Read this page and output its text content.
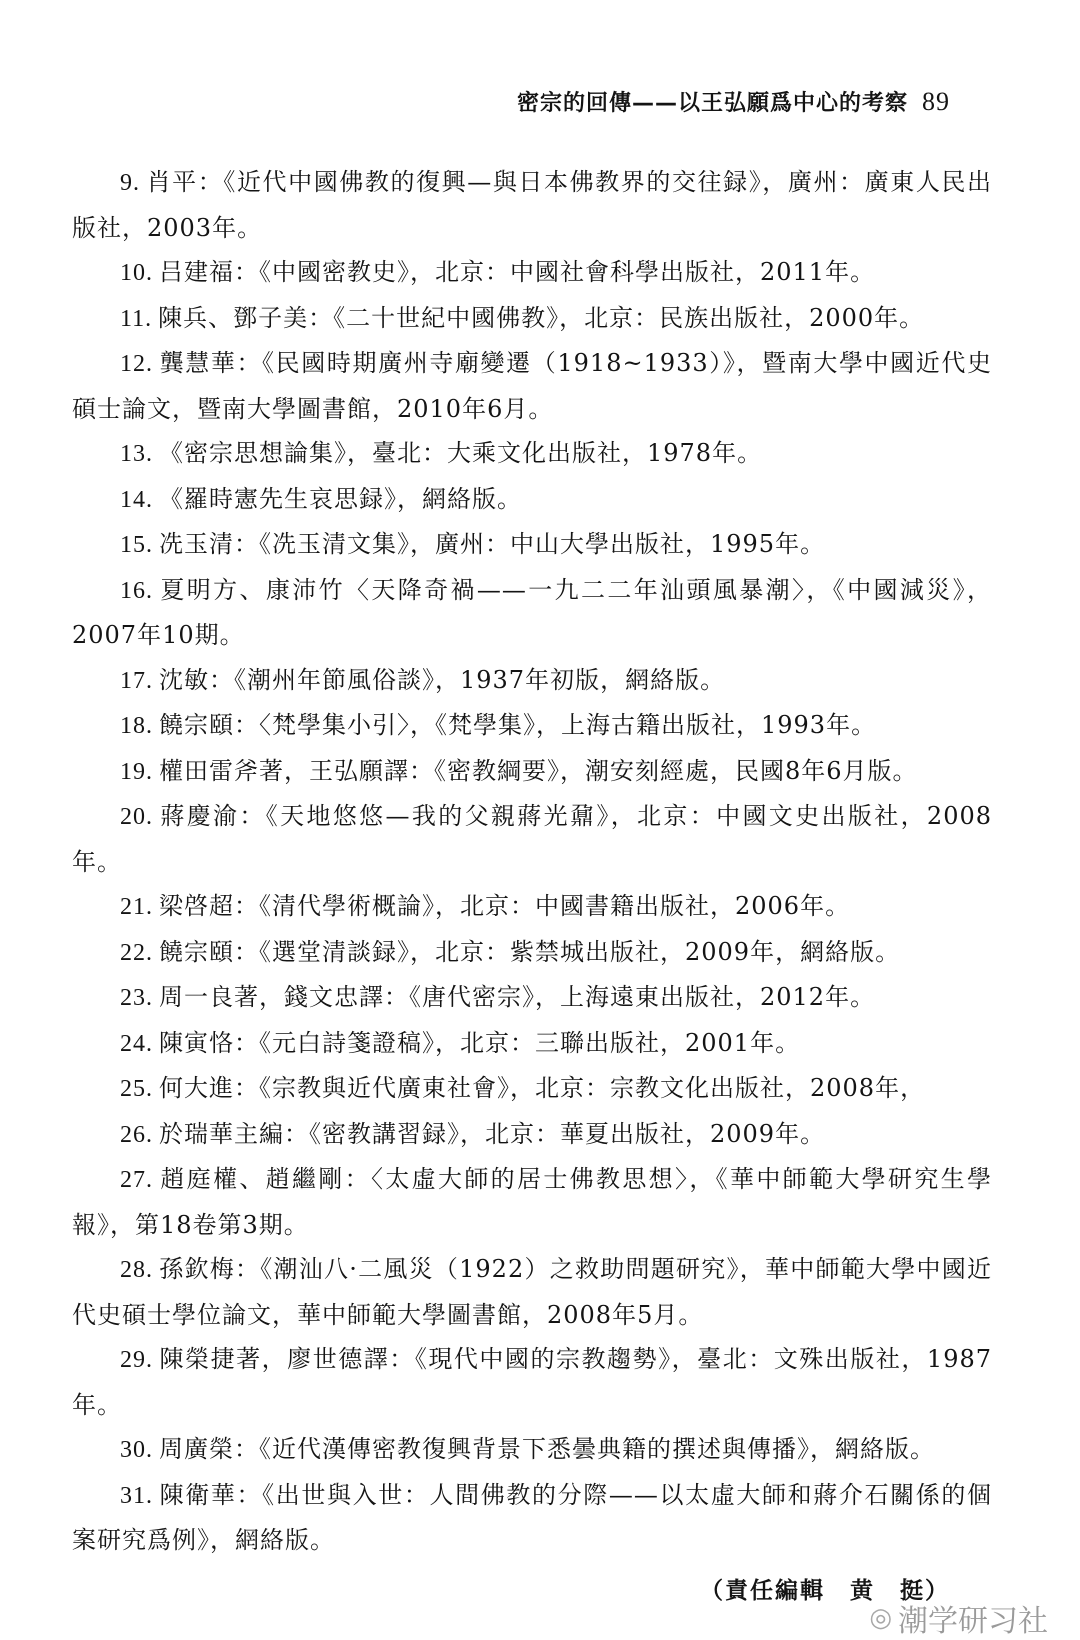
密宗的回傳——以王弘願爲中心的考察 89

9. 肖平：《近代中國佛教的復興—與日本佛教界的交往録》，廣州：廣東人民出版社，2003年。

10. 吕建福：《中國密教史》，北京：中國社會科學出版社，2011年。

11. 陳兵、鄧子美：《二十世紀中國佛教》，北京：民族出版社，2000年。

12. 龔慧華：《民國時期廣州寺廟變遷（1918~1933）》，暨南大學中國近代史碩士論文，暨南大學圖書館，2010年6月。

13. 《密宗思想論集》，臺北：大乘文化出版社，1978年。

14. 《羅時憲先生哀思録》，網絡版。

15. 冼玉清：《冼玉清文集》，廣州：中山大學出版社，1995年。

16. 夏明方、康沛竹〈天降奇禍——一九二二年汕頭風暴潮〉，《中國減災》，2007年10期。

17. 沈敏：《潮州年節風俗談》，1937年初版，網絡版。

18. 饒宗頤：〈梵學集小引〉，《梵學集》，上海古籍出版社，1993年。

19. 權田雷斧著，王弘願譯：《密教綱要》，潮安刻經處，民國8年6月版。

20. 蔣慶渝：《天地悠悠—我的父親蔣光鼐》，北京：中國文史出版社，2008年。

21. 梁啓超：《清代學術概論》，北京：中國書籍出版社，2006年。

22. 饒宗頤：《選堂清談録》，北京：紫禁城出版社，2009年，網絡版。

23. 周一良著，錢文忠譯：《唐代密宗》，上海遠東出版社，2012年。

24. 陳寅恪：《元白詩箋證稿》，北京：三聯出版社，2001年。

25. 何大進：《宗教與近代廣東社會》，北京：宗教文化出版社，2008年，

26. 於瑞華主編：《密教講習録》，北京：華夏出版社，2009年。

27. 趙庭權、趙繼剛：〈太虛大師的居士佛教思想〉，《華中師範大學研究生學報》，第18卷第3期。

28. 孫欽梅：《潮汕八·二風災（1922）之救助問題研究》，華中師範大學中國近代史碩士學位論文，華中師範大學圖書館，2008年5月。

29. 陳榮捷著，廖世德譯：《現代中國的宗教趨勢》，臺北：文殊出版社，1987年。

30. 周廣榮：《近代漢傳密教復興背景下悉曇典籍的撰述與傳播》，網絡版。

31. 陳衛華：《出世與入世：人間佛教的分際——以太虛大師和蔣介石關係的個案研究爲例》，網絡版。

（責任編輯　黄　挺）
◎ 潮学研习社
